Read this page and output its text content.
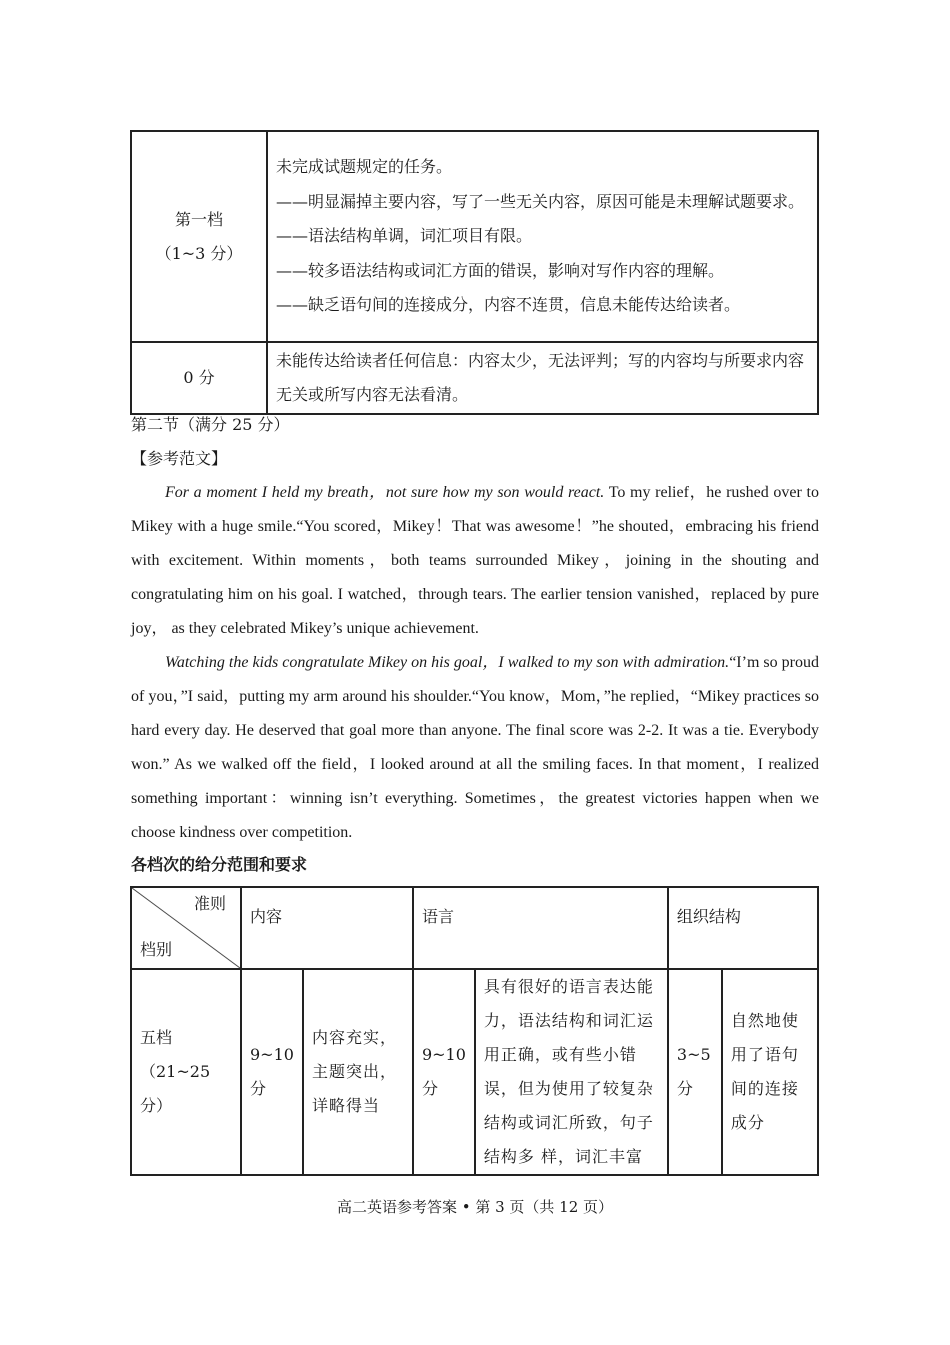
第一档
（1~3 分）	未完成试题规定的任务。
——明显漏掉主要内容，写了一些无关内容，原因可能是未理解试题要求。
——语法结构单调，词汇项目有限。
——较多语法结构或词汇方面的错误，影响对写作内容的理解。
——缺乏语句间的连接成分，内容不连贯，信息未能传达给读者。

0 分	未能传达给读者任何信息：内容太少，无法评判；写的内容均与所要求内容无关或所写内容无法看清。
第二节（满分 25 分）
【参考范文】

For a moment I held my breath，not sure how my son would react. To my relief，he rushed over to Mikey with a huge smile.“You scored，Mikey！That was awesome！”he shouted，embracing his friend with excitement. Within moments，both teams surrounded Mikey，joining in the shouting and congratulating him on his goal. I watched，through tears. The earlier tension vanished，replaced by pure joy， as they celebrated Mikey’s unique achievement.

Watching the kids congratulate Mikey on his goal，I walked to my son with admiration.“I’m so proud of you，”I said，putting my arm around his shoulder.“You know，Mom，”he replied，“Mikey practices so hard every day. He deserved that goal more than anyone. The final score was 2-2. It was a tie. Everybody won.” As we walked off the field，I looked around at all the smiling faces. In that moment，I realized something important：winning isn’t everything. Sometimes，the greatest victories happen when we choose kindness over competition.

各档次的给分范围和要求
准则
档别	内容		语言		组织结构	

五档
（21~25 分）	9~10分	内容充实，主题突出，详略得当	9~10分	具有很好的语言表达能力，语法结构和词汇运用正确，或有些小错误，但为使用了较复杂结构或词汇所致，句子结构多 样，词汇丰富	3~5分	自然地使用了语句间的连接成分
高二英语参考答案 • 第 3 页（共 12 页）
